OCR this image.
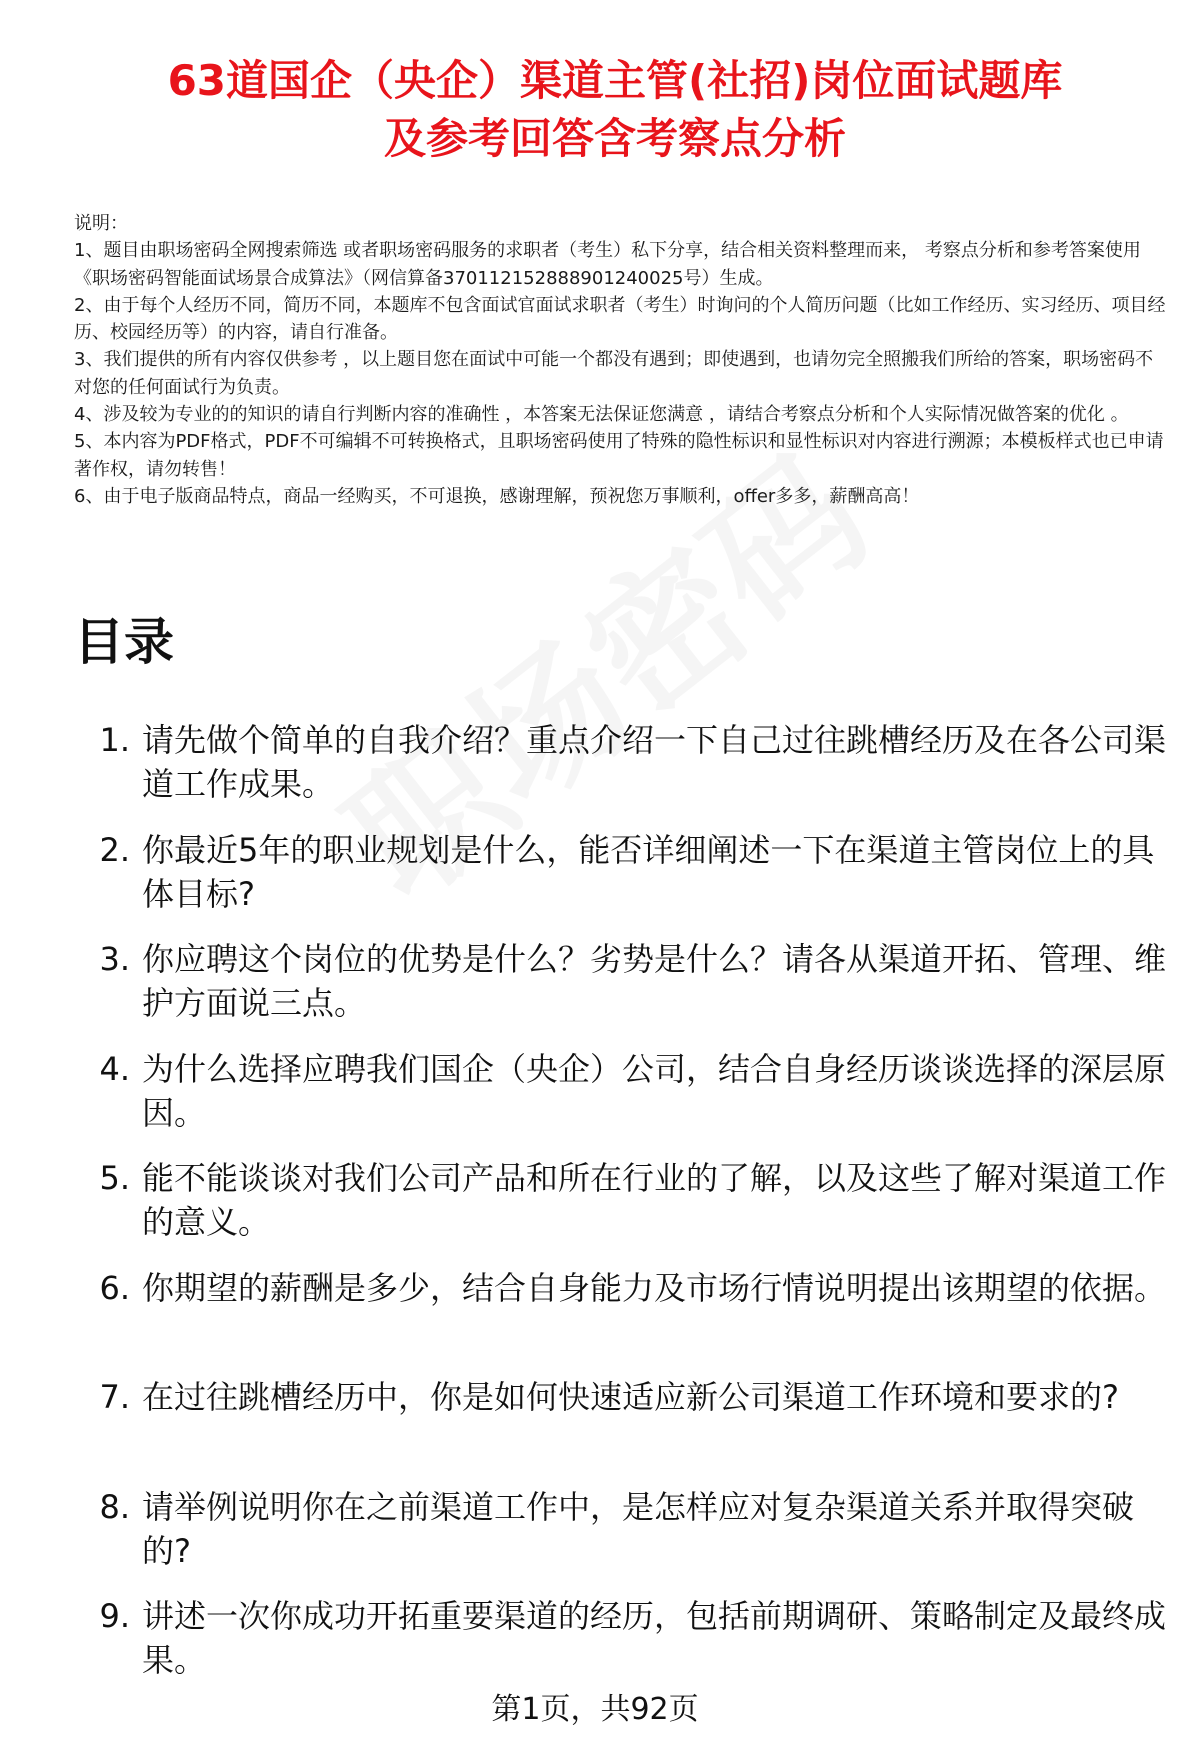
63道国企（央企）渠道主管(社招)岗位面试题库
及参考回答含考察点分析

说明：

1、题目由职场密码全网搜索筛选 或者职场密码服务的求职者（考生）私下分享，结合相关资料整理而来， 考察点分析和参考答案使用《职场密码智能面试场景合成算法》（网信算备370112152888901240025号）生成。

2、由于每个人经历不同，简历不同，本题库不包含面试官面试求职者（考生）时询问的个人简历问题（比如工作经历、实习经历、项目经历、校园经历等）的内容，请自行准备。

3、我们提供的所有内容仅供参考 ，以上题目您在面试中可能一个都没有遇到；即使遇到，也请勿完全照搬我们所给的答案，职场密码不对您的任何面试行为负责。

4、涉及较为专业的的知识的请自行判断内容的准确性 ，本答案无法保证您满意 ，请结合考察点分析和个人实际情况做答案的优化 。

5、本内容为PDF格式，PDF不可编辑不可转换格式，且职场密码使用了特殊的隐性标识和显性标识对内容进行溯源；本模板样式也已申请著作权，请勿转售！

6、由于电子版商品特点，商品一经购买，不可退换，感谢理解，预祝您万事顺利，offer多多，薪酬高高！

目录
1. 请先做个简单的自我介绍？重点介绍一下自己过往跳槽经历及在各公司渠道工作成果。
2. 你最近5年的职业规划是什么，能否详细阐述一下在渠道主管岗位上的具体目标?
3. 你应聘这个岗位的优势是什么？劣势是什么？请各从渠道开拓、管理、维护方面说三点。
4. 为什么选择应聘我们国企（央企）公司，结合自身经历谈谈选择的深层原因。
5. 能不能谈谈对我们公司产品和所在行业的了解，以及这些了解对渠道工作的意义。
6. 你期望的薪酬是多少，结合自身能力及市场行情说明提出该期望的依据。
7. 在过往跳槽经历中，你是如何快速适应新公司渠道工作环境和要求的?
8. 请举例说明你在之前渠道工作中，是怎样应对复杂渠道关系并取得突破的?
9. 讲述一次你成功开拓重要渠道的经历，包括前期调研、策略制定及最终成果。
第1页，共92页
